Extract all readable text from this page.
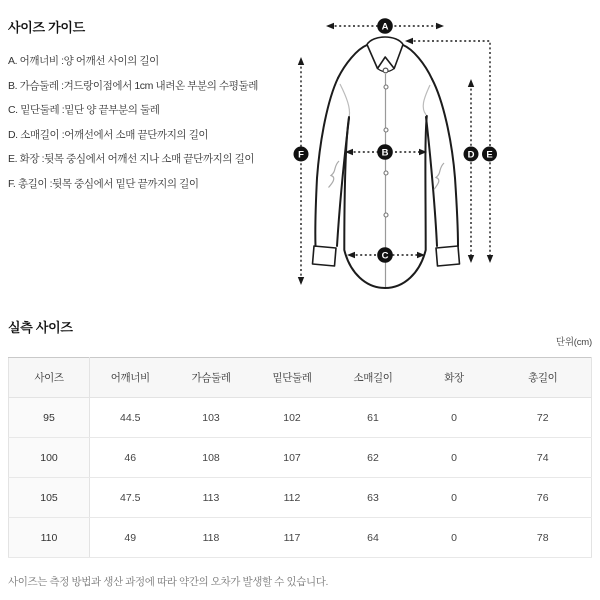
사이즈 가이드
A. 어깨너비 :양 어깨선 사이의 길이
B. 가슴둘레 :겨드랑이점에서 1cm 내려온 부분의 수평둘레
C. 밑단둘레 :밑단 양 끝부분의 둘레
D. 소매길이 :어깨선에서 소매 끝단까지의 길이
E. 화장 :뒷목 중심에서 어깨선 지나 소매 끝단까지의 길이
F. 총길이 :뒷목 중심에서 밑단 끝까지의 길이
A
B
C
D E
F
실측 사이즈
단위(cm)
사이즈	어깨너비	가슴둘레	밑단둘레	소매길이	화장	총길이
95	44.5	103	102	61	0	72
100	46	108	107	62	0	74
105	47.5	113	112	63	0	76
110	49	118	117	64	0	78
사이즈는 측정 방법과 생산 과정에 따라 약간의 오차가 발생할 수 있습니다.
